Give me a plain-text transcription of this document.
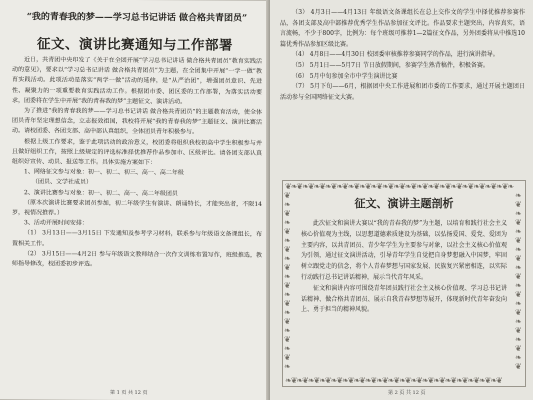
“我的青春我的梦——学习总书记讲话 做合格共青团员”
征文、演讲比赛通知与工作部署

近日，共青团中央印发了《关于在全团开展“学习总书记讲话 做合格共青团员”教育实践活动的意见》，要求以“学习总书记讲话 做合格共青团员”为主题，在全团集中开展“一学一做”教育实践活动。此项活动是落实“两学一做”活动的延伸，是“从严治团”，增强团员意识、先进性、凝聚力的一项重要教育实践活动工作。根据团市委、团区委的工作部署，为落实活动要求，团委将在学生中开展“我的青春我的梦”主题征文、演讲活动。

为了推进“我的青春我的梦——学习总书记讲话 做合格共青团员”的主题教育活动，使全体团员青年坚定理想信念，立志报效祖国，我校将开展“我的青春我的梦”主题征文、演讲比赛活动。请校团委、各团支部、高中部认真组织，全体团员青年积极参与。

根据上级工作要求，鉴于此项活动的政治意义，校团委将组织我校初高中学生积极参与并且做好组织工作，按照上级规定的评选标准择优推荐作品参加市、区级评比。请各团支部认真组织好宣传、动员、报送等工作。具体实施方案如下：

1、网络征文参与对象：初一、初二、初三、高一、高二年级

（团员、文学社成员）

2、演讲比赛参与对象：初一、初二、高一、高二年级团员

（原本次演讲比赛要求团员参加，初二年级学生有演讲、朗诵特长，才能突出者，不限14岁，视情况推荐。）

3、活动开展时间安排：

（1） 3月13日——3月15日 下发通知及参考学习材料，联系参与年级语文备课组长，布置相关工作。

（2） 3月15日——4月2日 参与年级语文教师结合一次作文训练布置写作，班级推选，教师指导修改，校团委初步评选。

第 1 页 共 12 页

（3） 4月3日——4月13日 年级语文备课组长在总上交作文的学生中择优推荐参赛作品，各团支部及高中部推荐优秀学生作品参加征文评比。作品要求主题突出，内容真实，语言流畅，不少于800字，比例为：每个班级可推荐1—2篇征文作品，另外团委将从中推选10篇优秀作品参加区级比赛。

（4） 4月8日——4月30日 校团委审核推荐参赛同学的作品，进行演讲指导。

（5） 5月1日——5月7日 节日放假期间，参赛学生熟背稿件，积极备赛。

（6） 5月中旬参加全市中学生演讲比赛

（7） 5月下旬——6月，根据团中央工作进展和团市委的工作要求，通过开展主题团日活动参与全国网络征文大赛。

❦❧❦❧❦❧❦❧❦❧❦❧❦❧❦❧❦❧❦❧❦❧❦❧❦❧❦❧❦❧❦❧❦❧❦❧❦❧❦❧
❦ ❧ ❦ ❧ ❦ ❧ ❦ ❧ ❦ ❧ ❦ ❧ ❦ ❧ ❦ ❧ ❦ ❧ ❦ ❧
❧ ❦ ❧ ❦ ❧ ❦ ❧ ❦ ❧ ❦ ❧ ❦ ❧ ❦ ❧ ❦ ❧ ❦ ❧ ❦
❧❦❧❦❧❦❧❦❧❦❧❦❧❦❧❦❧❦❧❦❧❦❧❦❧❦❧❦❧❦❧❦❧❦❧❦❧❦
征文、演讲主题剖析

此次征文和演讲大赛以“我的青春我的梦”为主题，以培育和践行社会主义核心价值观为主线，以思想道德素质建设为基础，以弘扬爱国、爱党、爱团为主要内容，以共青团员、青少年学生为主要参与对象，以社会主义核心价值观为引领，通过征文演讲活动，引导青年学生自觉把自身梦想融入中国梦，牢固树立跟党走的信念，将个人青春梦想与国家发展、民族复兴紧密相连，以实际行动践行总书记讲话精神，展示当代青年风采。

征文和演讲内容可围绕青年团员践行社会主义核心价值观、学习总书记讲话精神、做合格共青团员、展示自我青春梦想等展开，体现新时代青年奋发向上、勇于担当的精神风貌。

第 2 页 共 12 页
